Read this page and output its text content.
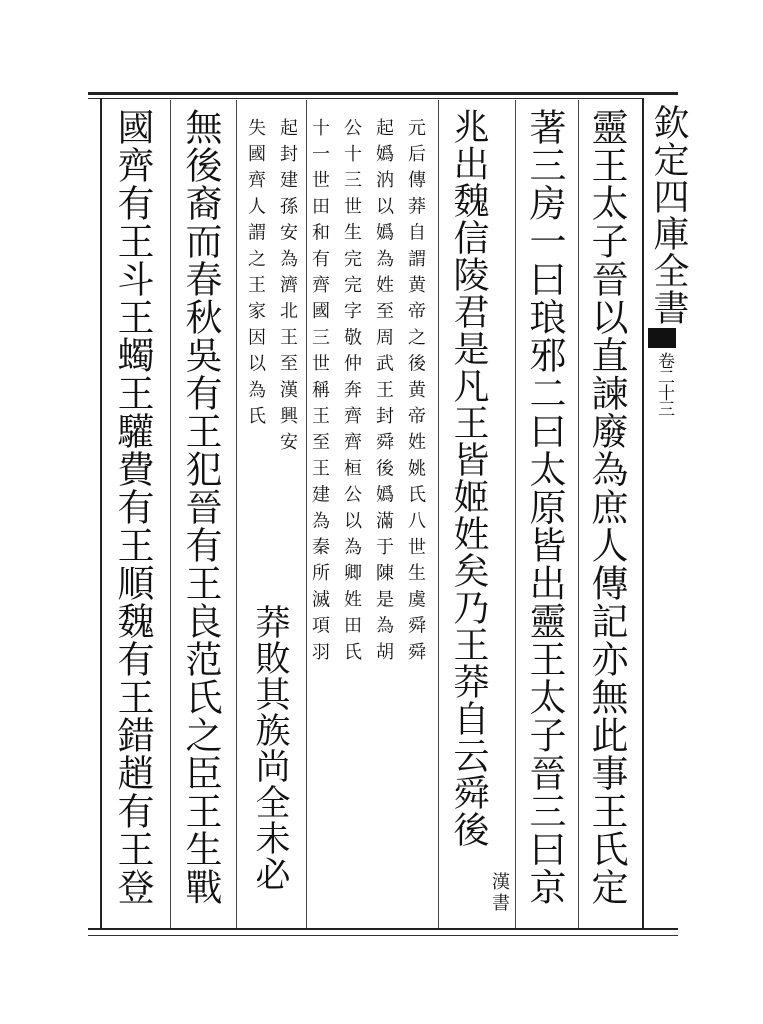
欽定四庫全書
卷二十三
靈王太子晉以直諫廢為庶人傳記亦無此事王氏定
著三房一曰琅邪二曰太原皆出靈王太子晉三曰京
兆出魏信陵君是凡王皆姬姓矣乃王莽自云舜後
漢書
元后傳莽自謂黄帝之後黄帝姓姚氏八世生虞舜舜
起嬀汭以嬀為姓至周武王封舜後嬀滿于陳是為胡
公十三世生完完字敬仲奔齊齊桓公以為卿姓田氏
十一世田和有齊國三世稱王至王建為秦所滅項羽
起封建孫安為濟北王至漢興安
失國齊人謂之王家因以為氏
莽敗其族尚全未必
無後裔而春秋吳有王犯晉有王良范氏之臣王生戰
國齊有王斗王蠋王驩費有王順魏有王錯趙有王登
